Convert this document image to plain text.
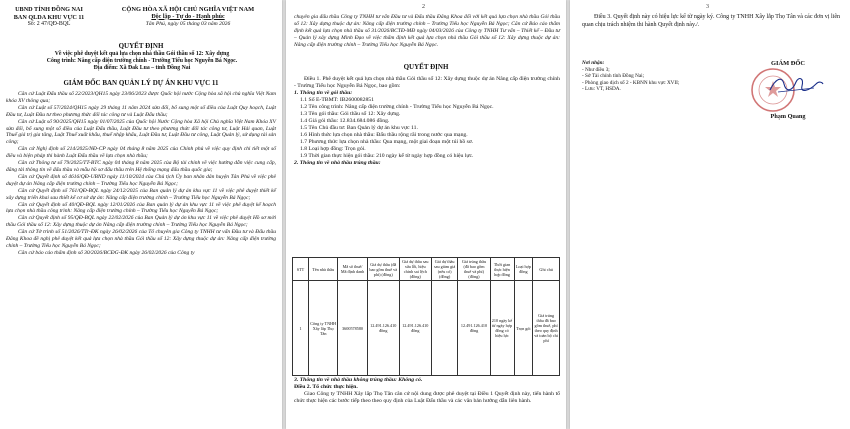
UBND TỈNH ĐỒNG NAI
BAN QLDA KHU VỰC 11
Số: 2 47/QĐ-BQL
CỘNG HÒA XÃ HỘI CHỦ NGHĨA VIỆT NAM
Độc lập - Tự do - Hạnh phúc
Tân Phú, ngày 05 tháng 03 năm 2026
QUYẾT ĐỊNH
Về việc phê duyệt kết quả lựa chọn nhà thầu Gói thầu số 12: Xây dựng
Công trình: Nâng cấp điện trường chính - Trường Tiểu học Nguyễn Bá Ngọc.
Địa điểm: Xã Đak Lua – tỉnh Đồng Nai
GIÁM ĐỐC BAN QUẢN LÝ DỰ ÁN KHU VỰC 11

Căn cứ Luật Đấu thầu số 22/2023/QH15 ngày 23/06/2023 được Quốc hội nước Cộng hòa xã hội chủ nghĩa Việt Nam khóa XV thông qua;

Căn cứ Luật số 57/2024/QH15 ngày 29 tháng 11 năm 2024 sửa đổi, bổ sung một số điều của Luật Quy hoạch, Luật Đầu tư, Luật Đầu tư theo phương thức đối tác công tư và Luật Đấu thầu;

Căn cứ Luật số 90/2025/QH15 ngày 01/07/2025 của Quốc hội Nước Cộng hòa Xã hội Chủ nghĩa Việt Nam Khóa XV sửa đổi, bổ sung một số điều của Luật Đấu thầu, Luật Đầu tư theo phương thức đối tác công tư, Luật Hải quan, Luật Thuế giá trị gia tăng, Luật Thuế xuất khẩu, thuế nhập khẩu, Luật Đầu tư, Luật Đầu tư công, Luật Quản lý, sử dụng tài sản công;

Căn cứ Nghị định số 214/2025/NĐ-CP ngày 04 tháng 8 năm 2025 của Chính phủ về việc quy định chi tiết một số điều và biện pháp thi hành Luật Đấu thầu về lựa chọn nhà thầu;

Căn cứ Thông tư số 79/2025/TT-BTC ngày 04 tháng 8 năm 2025 của Bộ tài chính về việc hướng dẫn việc cung cấp, đăng tải thông tin về đấu thầu và mẫu hồ sơ đấu thầu trên Hệ thống mạng đấu thầu quốc gia;

Căn cứ Quyết định số 4616/QĐ-UBND ngày 11/10/2024 của Chủ tịch Ủy ban nhân dân huyện Tân Phú về việc phê duyệt dự án Nâng cấp điện trường chính – Trường Tiểu học Nguyễn Bá Ngọc;

Căn cứ Quyết định số 761/QĐ-BQL ngày 24/12/2025 của Ban quản lý dự án khu vực 11 về việc phê duyệt thiết kế xây dựng triển khai sau thiết kế cơ sở dự án: Nâng cấp điện trường chính – Trường Tiểu học Nguyễn Bá Ngọc;

Căn cứ Quyết định số 40/QĐ-BQL ngày 12/01/2026 của Ban quản lý dự án khu vực 11 về việc phê duyệt kế hoạch lựa chọn nhà thầu công trình: Nâng cấp điện trường chính – Trường Tiểu học Nguyễn Bá Ngọc;

Căn cứ Quyết định số 95/QĐ-BQL ngày 22/02/2026 của Ban Quản lý dự án khu vực 11 về việc phê duyệt Hồ sơ mời thầu Gói thầu số 12: Xây dựng thuộc dự án Nâng cấp điện trường chính – Trường Tiểu học Nguyễn Bá Ngọc;

Căn cứ Tờ trình số 51/2026/TTr-ĐK ngày 26/02/2026 của Tổ chuyên gia Công ty TNHH tư vấn Đầu tư và Đấu thầu Đăng Khoa đề nghị phê duyệt kết quả lựa chọn nhà thầu Gói thầu số 12: Xây dựng thuộc dự án: Nâng cấp điện trường chính – Trường Tiểu học Nguyễn Bá Ngọc;

Căn cứ báo cáo thẩm định số 30/2026/BCĐG-ĐK ngày 26/02/2026 của Công ty

2
chuyên gia đấu thầu Công ty TNHH tư vấn Đầu tư và Đấu thầu Đăng Khoa đối với kết quả lựa chọn nhà thầu Gói thầu số 12: Xây dựng thuộc dự án: Nâng cấp điện trường chính – Trường Tiểu học Nguyễn Bá Ngọc; Căn cứ Báo cáo thẩm định kết quả lựa chọn nhà thầu số 31/2026/BCTĐ-MĐ ngày 04/03/2026 của Công ty TNHH Tư vấn – Thiết kế – Đầu tư – Quản lý xây dựng Minh Đạo về việc thẩm định kết quả lựa chọn nhà thầu Gói thầu số 12: Xây dựng thuộc dự án: Nâng cấp điện trường chính – Trường Tiểu học Nguyễn Bá Ngọc.
QUYẾT ĐỊNH
Điều 1. Phê duyệt kết quả lựa chọn nhà thầu Gói thầu số 12: Xây dựng thuộc dự án Nâng cấp điện trường chính - Trường Tiểu học Nguyễn Bá Ngọc, bao gồm:
1. Thông tin về gói thầu:
1.1 Số E-TBMT: IB2600082851
1.2 Tên công trình: Nâng cấp điện trường chính - Trường Tiểu học Nguyễn Bá Ngọc.
1.3 Tên gói thầu: Gói thầu số 12: Xây dựng.
1.4 Giá gói thầu: 12.834.684.086 đồng.
1.5 Tên Chủ đầu tư: Ban Quản lý dự án khu vực 11.
1.6 Hình thức lựa chọn nhà thầu: Đấu thầu rộng rãi trong nước qua mạng.
1.7 Phương thức lựa chọn nhà thầu: Qua mạng, một giai đoạn một túi hồ sơ.
1.8 Loại hợp đồng: Trọn gói.
1.9 Thời gian thực hiện gói thầu: 210 ngày kể từ ngày hợp đồng có hiệu lực.
2. Thông tin về nhà thầu trúng thầu:
STT	Tên nhà thầu	Mã số thuế/ Mã định danh	Giá dự thầu (đã bao gồm thuế và phí) (đồng)	Giá dự thầu sau sửa lỗi, hiệu chỉnh sai lệch (đồng)	Giá dự thầu sau giảm giá (nếu có) (đồng)	Giá trúng thầu (đã bao gồm thuế và phí) (đồng)	Thời gian thực hiện hợp đồng	Loại hợp đồng	Ghi chú
1	Công ty TNHH Xây lắp Thọ Tân	3600578580	12.491.126.410 đồng	12.491.126.410 đồng		12.491.126.410 đồng	210 ngày kể từ ngày hợp đồng có hiệu lực	Trọn gói	Giá trúng thầu đã bao gồm thuế, phí theo quy định và toàn bộ chi phí
3. Thông tin về nhà thầu không trúng thầu: Không có.
Điều 2. Tổ chức thực hiện.
Giao Công ty TNHH Xây lắp Thọ Tân căn cứ nội dung được phê duyệt tại Điều 1 Quyết định này, tiến hành tổ chức thực hiện các bước tiếp theo theo quy định của Luật Đấu thầu và các văn bản hướng dẫn liên hành.
3
Điều 3. Quyết định này có hiệu lực kể từ ngày ký. Công ty TNHH Xây lắp Thọ Tân và các đơn vị liên quan chịu trách nhiệm thi hành Quyết định này./.
Nơi nhận:
- Như điều 3;
- Sở Tài chính tỉnh Đồng Nai;
- Phòng giao dịch số 2 - KBNN khu vực XVII;
- Lưu: VT, HSDA.
GIÁM ĐỐC
Phạm Quang
